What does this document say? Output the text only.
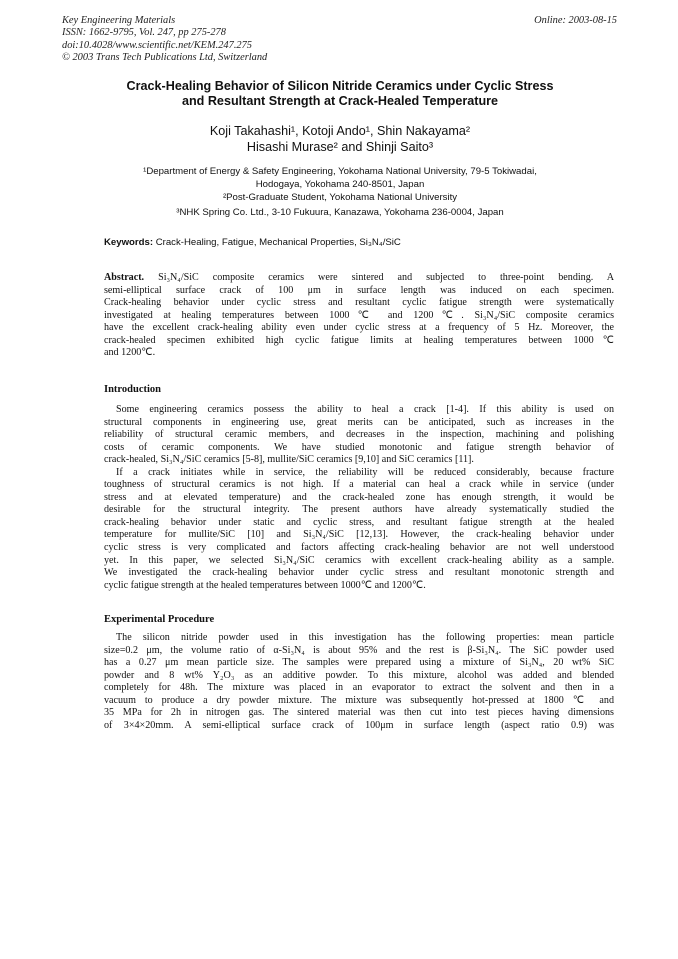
Key Engineering Materials
ISSN: 1662-9795, Vol. 247, pp 275-278
doi:10.4028/www.scientific.net/KEM.247.275
© 2003 Trans Tech Publications Ltd, Switzerland
Online: 2003-08-15
Crack-Healing Behavior of Silicon Nitride Ceramics under Cyclic Stress
and Resultant Strength at Crack-Healed Temperature
Koji Takahashi¹, Kotoji Ando¹, Shin Nakayama²
Hisashi Murase² and Shinji Saito³
¹Department of Energy & Safety Engineering, Yokohama National University, 79-5 Tokiwadai,
Hodogaya, Yokohama 240-8501, Japan
²Post-Graduate Student, Yokohama National University
³NHK Spring Co. Ltd., 3-10 Fukuura, Kanazawa, Yokohama 236-0004, Japan
Keywords: Crack-Healing, Fatigue, Mechanical Properties, Si₃N₄/SiC
Abstract. Si₃N₄/SiC composite ceramics were sintered and subjected to three-point bending. A
semi-elliptical surface crack of 100 μm in surface length was induced on each specimen.
Crack-healing behavior under cyclic stress and resultant cyclic fatigue strength were systematically
investigated at healing temperatures between 1000℃ and 1200℃. Si₃N₄/SiC composite ceramics
have the excellent crack-healing ability even under cyclic stress at a frequency of 5 Hz. Moreover, the
crack-healed specimen exhibited high cyclic fatigue limits at healing temperatures between 1000℃
and 1200℃.
Introduction
Some engineering ceramics possess the ability to heal a crack [1-4]. If this ability is used on
structural components in engineering use, great merits can be anticipated, such as increases in the
reliability of structural ceramic members, and decreases in the inspection, machining and polishing
costs of ceramic components. We have studied monotonic and fatigue strength behavior of
crack-healed, Si₃N₄/SiC ceramics [5-8], mullite/SiC ceramics [9,10] and SiC ceramics [11].
If a crack initiates while in service, the reliability will be reduced considerably, because fracture
toughness of structural ceramics is not high. If a material can heal a crack while in service (under
stress and at elevated temperature) and the crack-healed zone has enough strength, it would be
desirable for the structural integrity. The present authors have already systematically studied the
crack-healing behavior under static and cyclic stress, and resultant fatigue strength at the healed
temperature for mullite/SiC [10] and Si₃N₄/SiC [12,13]. However, the crack-healing behavior under
cyclic stress is very complicated and factors affecting crack-healing behavior are not well understood
yet. In this paper, we selected Si₃N₄/SiC ceramics with excellent crack-healing ability as a sample.
We investigated the crack-healing behavior under cyclic stress and resultant monotonic strength and
cyclic fatigue strength at the healed temperatures between 1000℃ and 1200℃.
Experimental Procedure
The silicon nitride powder used in this investigation has the following properties: mean particle
size=0.2 μm, the volume ratio of α-Si₃N₄ is about 95% and the rest is β-Si₃N₄. The SiC powder used
has a 0.27 μm mean particle size. The samples were prepared using a mixture of Si₃N₄, 20 wt% SiC
powder and 8 wt% Y₂O₃ as an additive powder. To this mixture, alcohol was added and blended
completely for 48h. The mixture was placed in an evaporator to extract the solvent and then in a
vacuum to produce a dry powder mixture. The mixture was subsequently hot-pressed at 1800 ℃ and
35 MPa for 2h in nitrogen gas. The sintered material was then cut into test pieces having dimensions
of 3×4×20mm. A semi-elliptical surface crack of 100μm in surface length (aspect ratio 0.9) was
